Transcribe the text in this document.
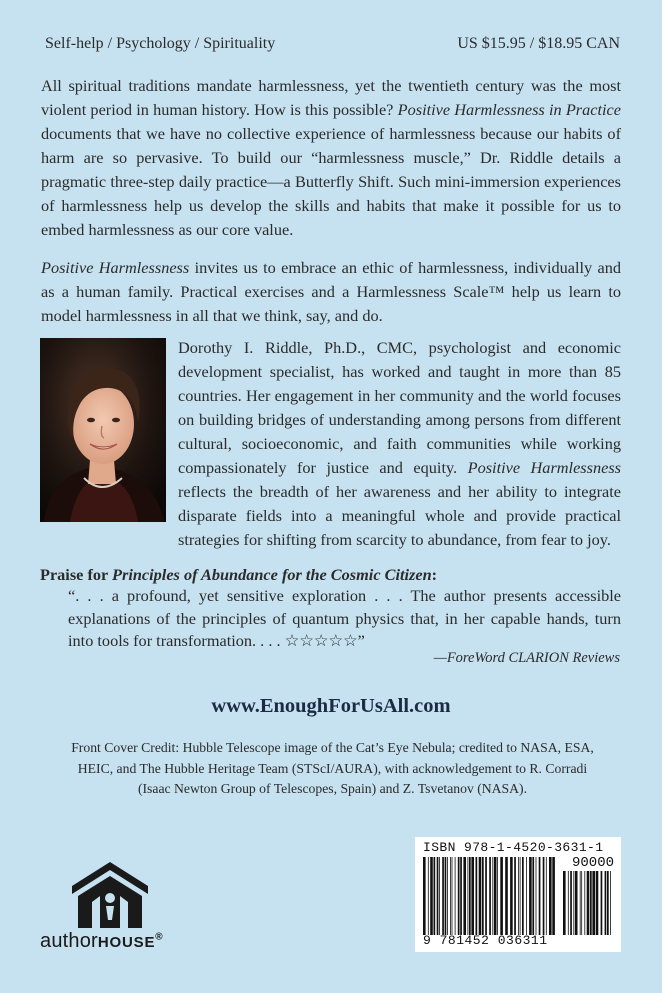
Self-help / Psychology / Spirituality	US $15.95 / $18.95 CAN

All spiritual traditions mandate harmlessness, yet the twentieth century was the most violent period in human history. How is this possible? Positive Harmlessness in Practice documents that we have no collective experience of harmlessness because our habits of harm are so pervasive. To build our “harmlessness muscle,” Dr. Riddle details a pragmatic three-step daily practice—a Butterfly Shift. Such mini-immersion experiences of harmlessness help us develop the skills and habits that make it possible for us to embed harmlessness as our core value.

Positive Harmlessness invites us to embrace an ethic of harmlessness, individually and as a human family. Practical exercises and a Harmlessness Scale™ help us learn to model harmlessness in all that we think, say, and do.

Dorothy I. Riddle, Ph.D., CMC, psychologist and economic development specialist, has worked and taught in more than 85 countries. Her engagement in her community and the world focuses on building bridges of understanding among persons from different cultural, socioeconomic, and faith communities while working compassionately for justice and equity. Positive Harmlessness reflects the breadth of her awareness and her ability to integrate disparate fields into a meaningful whole and provide practical strategies for shifting from scarcity to abundance, from fear to joy.

Praise for Principles of Abundance for the Cosmic Citizen:

“. . . a profound, yet sensitive exploration . . . The author presents accessible explanations of the principles of quantum physics that, in her capable hands, turn into tools for transformation. . . . ☆☆☆☆☆”

—ForeWord CLARION Reviews

www.EnoughForUsAll.com

Front Cover Credit: Hubble Telescope image of the Cat’s Eye Nebula; credited to NASA, ESA, HEIC, and The Hubble Heritage Team (STScI/AURA), with acknowledgement to R. Corradi (Isaac Newton Group of Telescopes, Spain) and Z. Tsvetanov (NASA).

authorHOUSE®
ISBN 978-1-4520-3631-1
90000
9 781452 036311
